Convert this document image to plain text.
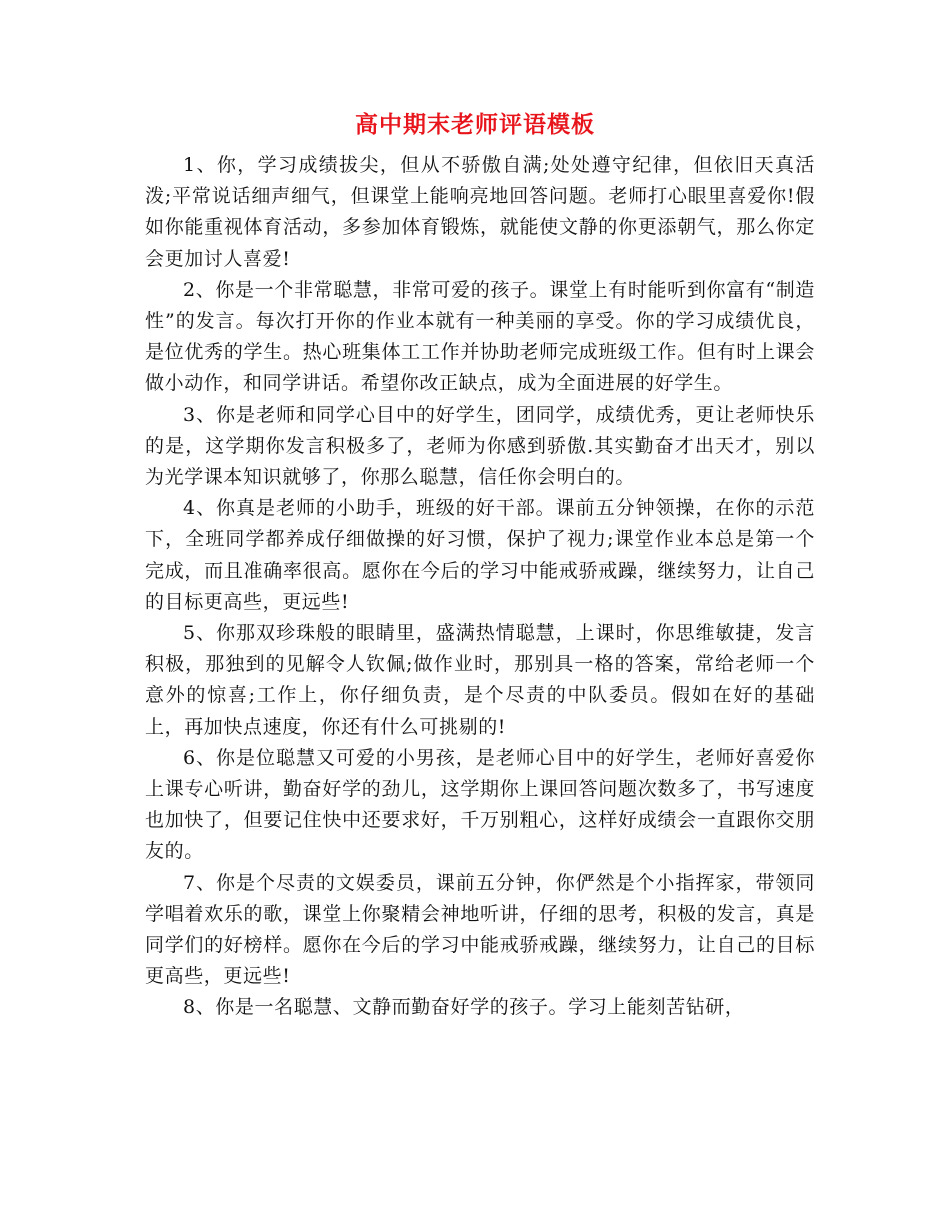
高中期末老师评语模板

1、你，学习成绩拔尖，但从不骄傲自满;处处遵守纪律，但依旧天真活泼;平常说话细声细气，但课堂上能响亮地回答问题。老师打心眼里喜爱你!假如你能重视体育活动，多参加体育锻炼，就能使文静的你更添朝气，那么你定会更加讨人喜爱!

2、你是一个非常聪慧，非常可爱的孩子。课堂上有时能听到你富有“制造性”的发言。每次打开你的作业本就有一种美丽的享受。你的学习成绩优良，是位优秀的学生。热心班集体工工作并协助老师完成班级工作。但有时上课会做小动作，和同学讲话。希望你改正缺点，成为全面进展的好学生。

3、你是老师和同学心目中的好学生，团同学，成绩优秀，更让老师快乐的是，这学期你发言积极多了，老师为你感到骄傲.其实勤奋才出天才，别以为光学课本知识就够了，你那么聪慧，信任你会明白的。

4、你真是老师的小助手，班级的好干部。课前五分钟领操，在你的示范下，全班同学都养成仔细做操的好习惯，保护了视力;课堂作业本总是第一个完成，而且准确率很高。愿你在今后的学习中能戒骄戒躁，继续努力，让自己的目标更高些，更远些!

5、你那双珍珠般的眼睛里，盛满热情聪慧，上课时，你思维敏捷，发言积极，那独到的见解令人钦佩;做作业时，那别具一格的答案，常给老师一个意外的惊喜;工作上，你仔细负责，是个尽责的中队委员。假如在好的基础上，再加快点速度，你还有什么可挑剔的!

6、你是位聪慧又可爱的小男孩，是老师心目中的好学生，老师好喜爱你上课专心听讲，勤奋好学的劲儿，这学期你上课回答问题次数多了，书写速度也加快了，但要记住快中还要求好，千万别粗心，这样好成绩会一直跟你交朋友的。

7、你是个尽责的文娱委员，课前五分钟，你俨然是个小指挥家，带领同学唱着欢乐的歌，课堂上你聚精会神地听讲，仔细的思考，积极的发言，真是同学们的好榜样。愿你在今后的学习中能戒骄戒躁，继续努力，让自己的目标更高些，更远些!

8、你是一名聪慧、文静而勤奋好学的孩子。学习上能刻苦钻研，
